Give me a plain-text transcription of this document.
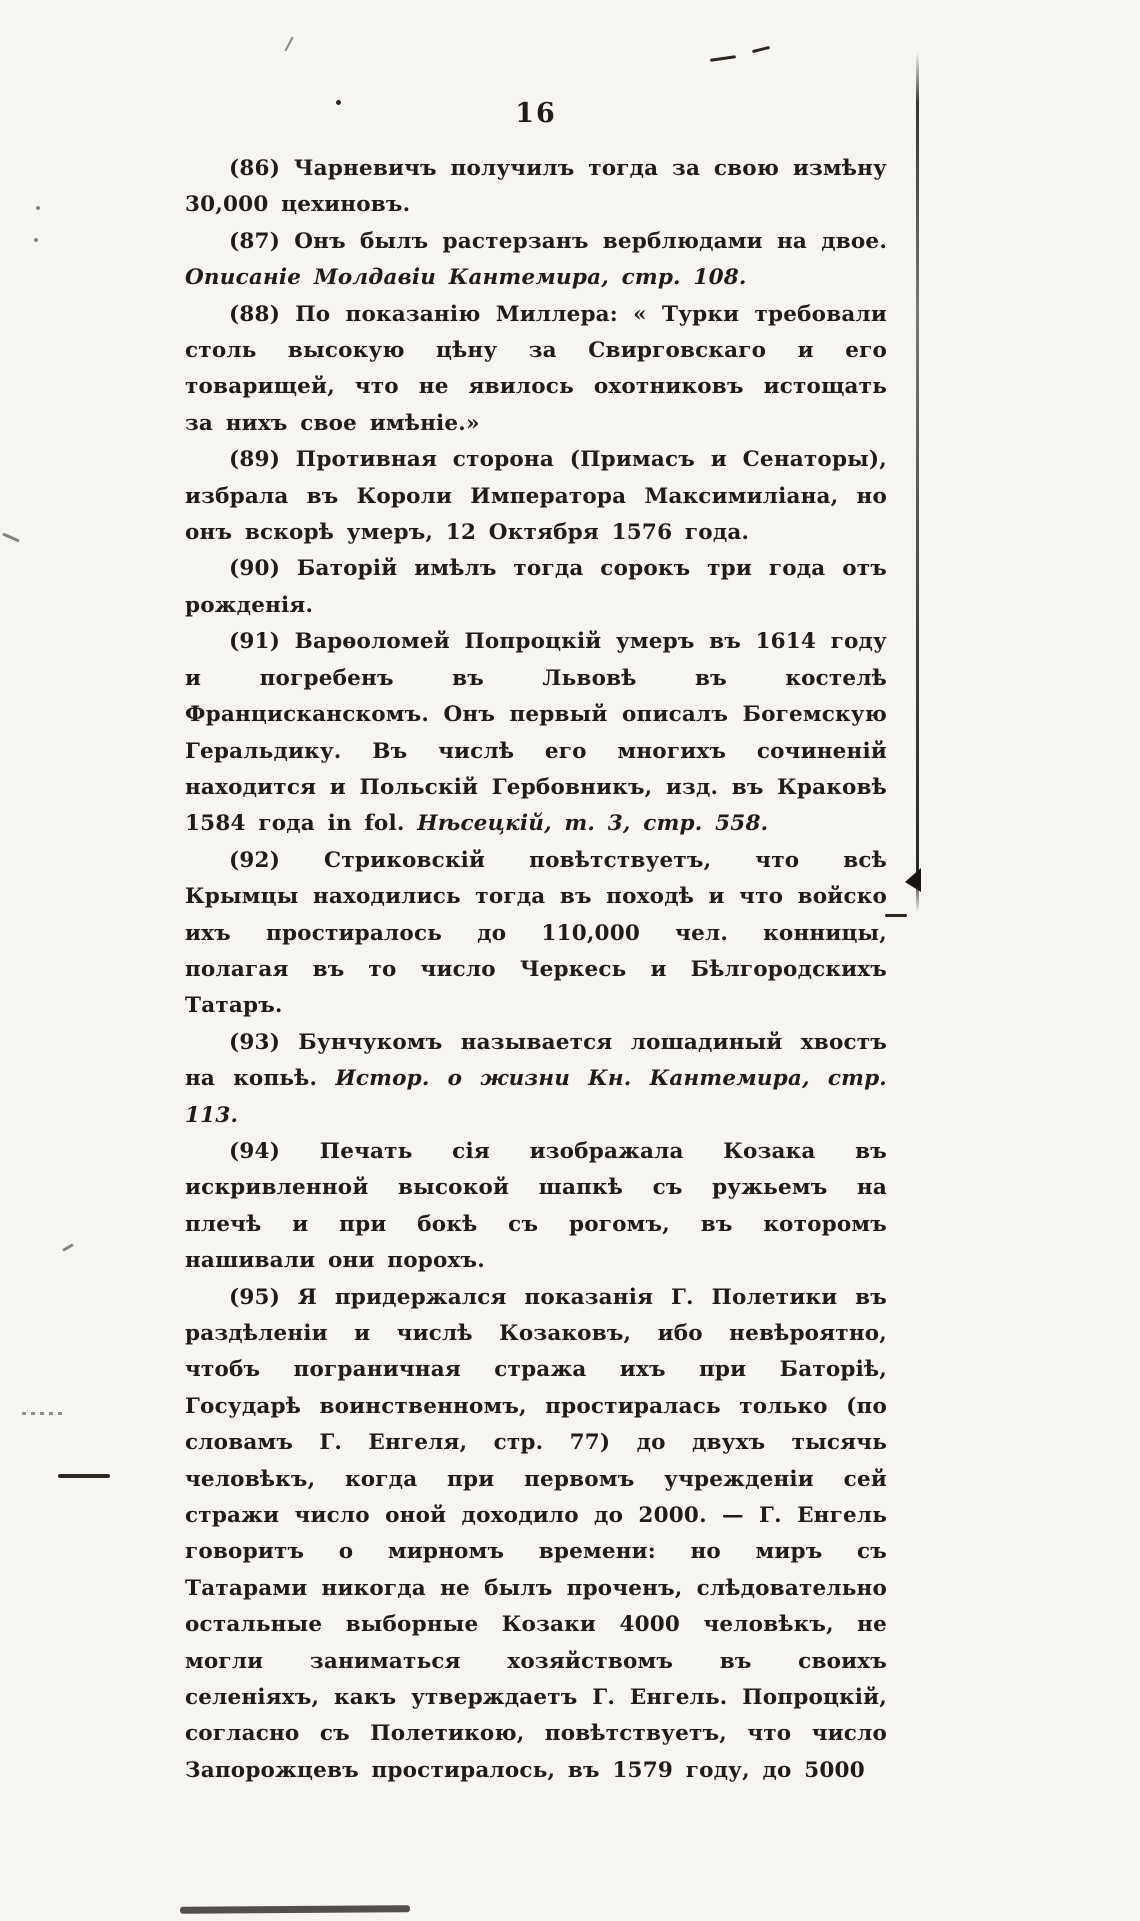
16

(86) Чарневичъ получилъ тогда за свою измѣну 30,000 цехиновъ.

(87) Онъ былъ растерзанъ верблюдами на двое. Описаніе Молдавіи Кантемира, стр. 108.

(88) По показанію Миллера: « Турки требовали столь высокую цѣну за Свирговскаго и его товарищей, что не явилось охотниковъ истощать за нихъ свое имѣніе.»

(89) Противная сторона (Примасъ и Сенаторы), избрала въ Короли Императора Максимиліана, но онъ вскорѣ умеръ, 12 Октября 1576 года.

(90) Баторій имѣлъ тогда сорокъ три года отъ рожденія.

(91) Варѳоломей Попроцкій умеръ въ 1614 году и погребенъ въ Львовѣ въ костелѣ Францисканскомъ. Онъ первый описалъ Богемскую Геральдику. Въ числѣ его многихъ сочиненій находится и Польскій Гербовникъ, изд. въ Краковѣ 1584 года in fol. Нѣсецкій, т. 3, стр. 558.

(92) Стриковскій повѣтствуетъ, что всѣ Крымцы находились тогда въ походѣ и что войско ихъ простиралось до 110,000 чел. конницы, полагая въ то число Черкесь и Бѣлгородскихъ Татаръ.

(93) Бунчукомъ называется лошадиный хвостъ на копьѣ. Истор. о жизни Кн. Кантемира, стр. 113.

(94) Печать сія изображала Козака въ искривленной высокой шапкѣ съ ружьемъ на плечѣ и при бокѣ съ рогомъ, въ которомъ нашивали они порохъ.

(95) Я придержался показанія Г. Полетики въ раздѣленіи и числѣ Козаковъ, ибо невѣроятно, чтобъ пограничная стража ихъ при Баторіѣ, Государѣ воинственномъ, простиралась только (по словамъ Г. Енгеля, стр. 77) до двухъ тысячь человѣкъ, когда при первомъ учрежденіи сей стражи число оной доходило до 2000. — Г. Енгель говоритъ о мирномъ времени: но миръ съ Татарами никогда не былъ проченъ, слѣдовательно остальные выборные Козаки 4000 человѣкъ, не могли заниматься хозяйствомъ въ своихъ селеніяхъ, какъ утверждаетъ Г. Енгель. Попроцкій, согласно съ Полетикою, повѣтствуетъ, что число Запорожцевъ простиралось, въ 1579 году, до 5000
